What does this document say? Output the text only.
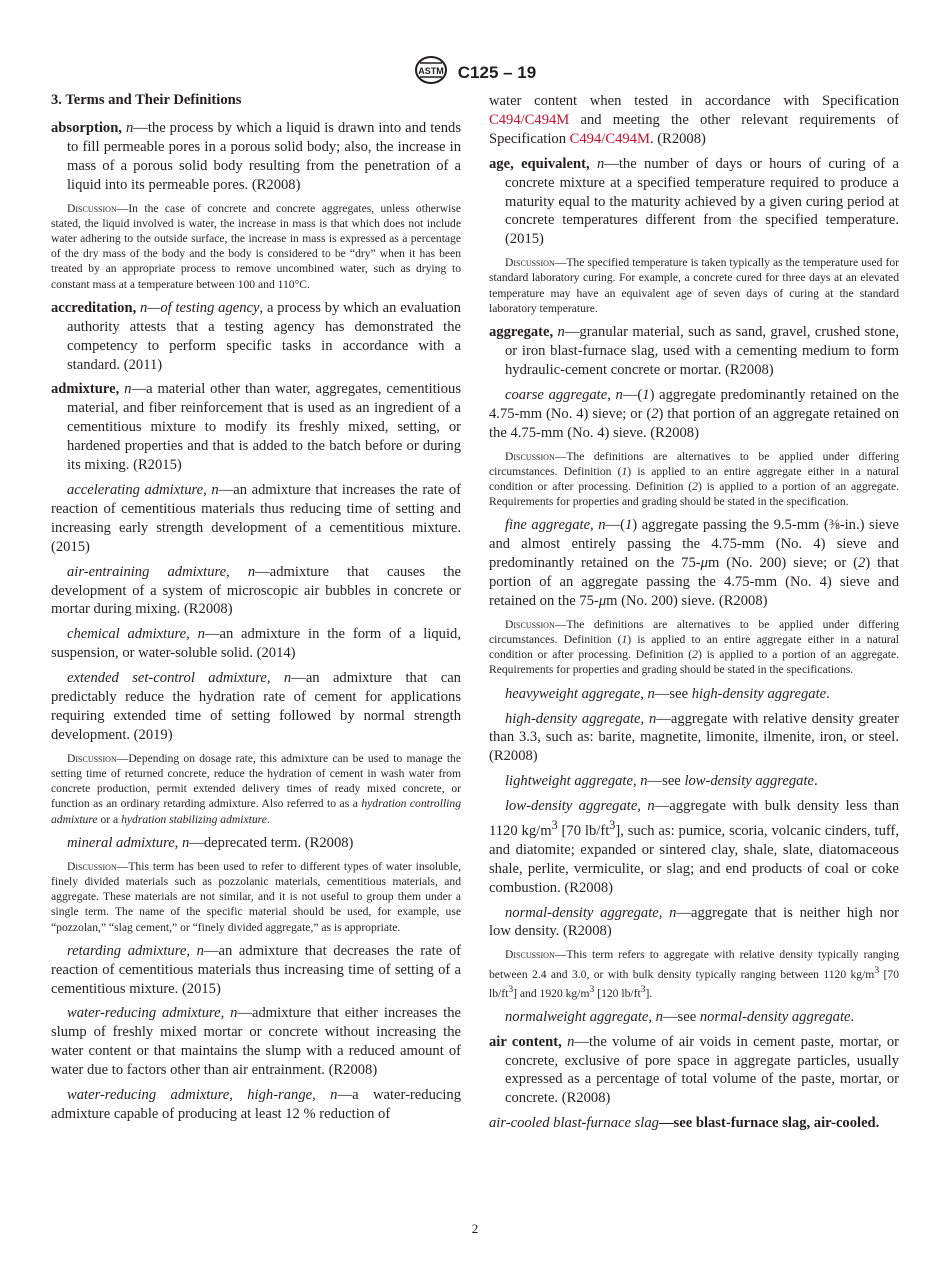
ASTM C125 – 19
3. Terms and Their Definitions

absorption, n—the process by which a liquid is drawn into and tends to fill permeable pores in a porous solid body; also, the increase in mass of a porous solid body resulting from the penetration of a liquid into its permeable pores. (R2008)

Discussion—In the case of concrete and concrete aggregates, unless otherwise stated, the liquid involved is water, the increase in mass is that which does not include water adhering to the outside surface, the increase in mass is expressed as a percentage of the dry mass of the body and the body is considered to be “dry” when it has been treated by an appropriate process to remove uncombined water, such as drying to constant mass at a temperature between 100 and 110°C.

accreditation, n—of testing agency, a process by which an evaluation authority attests that a testing agency has demonstrated the competency to perform specific tasks in accordance with a standard. (2011)

admixture, n—a material other than water, aggregates, cementitious material, and fiber reinforcement that is used as an ingredient of a cementitious mixture to modify its freshly mixed, setting, or hardened properties and that is added to the batch before or during its mixing. (R2015)

accelerating admixture, n—an admixture that increases the rate of reaction of cementitious materials thus reducing time of setting and increasing early strength development of a cementitious mixture. (2015)

air-entraining admixture, n—admixture that causes the development of a system of microscopic air bubbles in concrete or mortar during mixing. (R2008)

chemical admixture, n—an admixture in the form of a liquid, suspension, or water-soluble solid. (2014)

extended set-control admixture, n—an admixture that can predictably reduce the hydration rate of cement for applications requiring extended time of setting followed by normal strength development. (2019)

Discussion—Depending on dosage rate, this admixture can be used to manage the setting time of returned concrete, reduce the hydration of cement in wash water from concrete production, permit extended delivery times of ready mixed concrete, or function as an ordinary retarding admixture. Also referred to as a hydration controlling admixture or a hydration stabilizing admixture.

mineral admixture, n—deprecated term. (R2008)

Discussion—This term has been used to refer to different types of water insoluble, finely divided materials such as pozzolanic materials, cementitious materials, and aggregate. These materials are not similar, and it is not useful to group them under a single term. The name of the specific material should be used, for example, use “pozzolan,” “slag cement,” or “finely divided aggregate,” as is appropriate.

retarding admixture, n—an admixture that decreases the rate of reaction of cementitious materials thus increasing time of setting of a cementitious mixture. (2015)

water-reducing admixture, n—admixture that either increases the slump of freshly mixed mortar or concrete without increasing the water content or that maintains the slump with a reduced amount of water due to factors other than air entrainment. (R2008)

water-reducing admixture, high-range, n—a water-reducing admixture capable of producing at least 12 % reduction of

water content when tested in accordance with Specification C494/C494M and meeting the other relevant requirements of Specification C494/C494M. (R2008)

age, equivalent, n—the number of days or hours of curing of a concrete mixture at a specified temperature required to produce a maturity equal to the maturity achieved by a given curing period at concrete temperatures different from the specified temperature. (2015)

Discussion—The specified temperature is taken typically as the temperature used for standard laboratory curing. For example, a concrete cured for three days at an elevated temperature may have an equivalent age of seven days of curing at the standard laboratory temperature.

aggregate, n—granular material, such as sand, gravel, crushed stone, or iron blast-furnace slag, used with a cementing medium to form hydraulic-cement concrete or mortar. (R2008)

coarse aggregate, n—(1) aggregate predominantly retained on the 4.75-mm (No. 4) sieve; or (2) that portion of an aggregate retained on the 4.75-mm (No. 4) sieve. (R2008)

Discussion—The definitions are alternatives to be applied under differing circumstances. Definition (1) is applied to an entire aggregate either in a natural condition or after processing. Definition (2) is applied to a portion of an aggregate. Requirements for properties and grading should be stated in the specification.

fine aggregate, n—(1) aggregate passing the 9.5-mm (⅜-in.) sieve and almost entirely passing the 4.75-mm (No. 4) sieve and predominantly retained on the 75-μm (No. 200) sieve; or (2) that portion of an aggregate passing the 4.75-mm (No. 4) sieve and retained on the 75-μm (No. 200) sieve. (R2008)

Discussion—The definitions are alternatives to be applied under differing circumstances. Definition (1) is applied to an entire aggregate either in a natural condition or after processing. Definition (2) is applied to a portion of an aggregate. Requirements for properties and grading should be stated in the specifications.

heavyweight aggregate, n—see high-density aggregate.

high-density aggregate, n—aggregate with relative density greater than 3.3, such as: barite, magnetite, limonite, ilmenite, iron, or steel. (R2008)

lightweight aggregate, n—see low-density aggregate.

low-density aggregate, n—aggregate with bulk density less than 1120 $kg/m^3$ [70 $lb/ft^3$], such as: pumice, scoria, volcanic cinders, tuff, and diatomite; expanded or sintered clay, shale, slate, diatomaceous shale, perlite, vermiculite, or slag; and end products of coal or coke combustion. (R2008)

normal-density aggregate, n—aggregate that is neither high nor low density. (R2008)

Discussion—This term refers to aggregate with relative density typically ranging between 2.4 and 3.0, or with bulk density typically ranging between 1120 $kg/m^3$ [70 $lb/ft^3$] and 1920 $kg/m^3$ [120 $lb/ft^3$].

normalweight aggregate, n—see normal-density aggregate.

air content, n—the volume of air voids in cement paste, mortar, or concrete, exclusive of pore space in aggregate particles, usually expressed as a percentage of total volume of the paste, mortar, or concrete. (R2008)

air-cooled blast-furnace slag—see blast-furnace slag, air-cooled.

2
